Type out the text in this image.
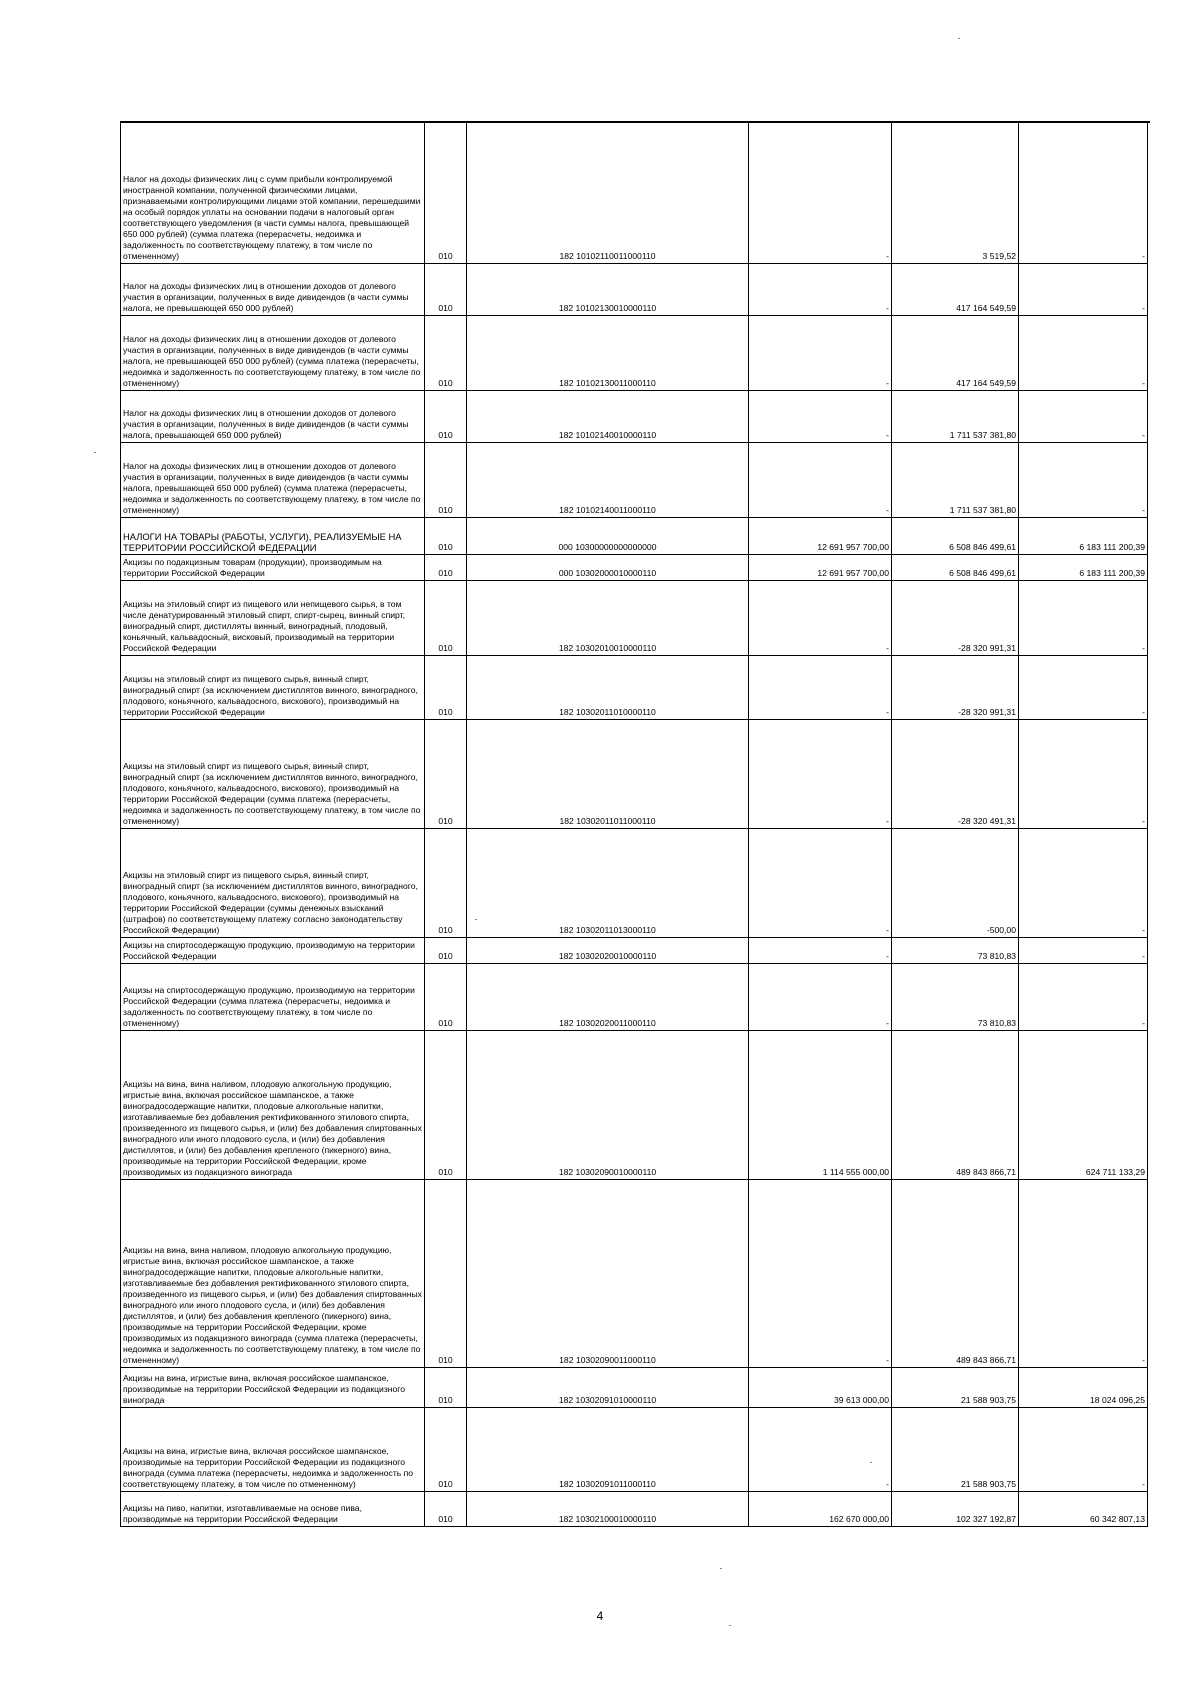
Налог на доходы физических лиц с сумм прибыли контролируемой иностранной компании, полученной физическими лицами, признаваемыми контролирующими лицами этой компании, перешедшими на особый порядок уплаты на основании подачи в налоговый орган соответствующего уведомления (в части суммы налога, превышающей 650 000 рублей) (сумма платежа (перерасчеты, недоимка и задолженность по соответствующему платежу, в том числе по отмененному)	010	182 10102110011000110	-	3 519,52	-
Налог на доходы физических лиц в отношении доходов от долевого участия в организации, полученных в виде дивидендов (в части суммы налога, не превышающей 650 000 рублей)	010	182 10102130010000110	-	417 164 549,59	-
Налог на доходы физических лиц в отношении доходов от долевого участия в организации, полученных в виде дивидендов (в части суммы налога, не превышающей 650 000 рублей) (сумма платежа (перерасчеты, недоимка и задолженность по соответствующему платежу, в том числе по отмененному)	010	182 10102130011000110	-	417 164 549,59	-
Налог на доходы физических лиц в отношении доходов от долевого участия в организации, полученных в виде дивидендов (в части суммы налога, превышающей 650 000 рублей)	010	182 10102140010000110	-	1 711 537 381,80	-
Налог на доходы физических лиц в отношении доходов от долевого участия в организации, полученных в виде дивидендов (в части суммы налога, превышающей 650 000 рублей) (сумма платежа (перерасчеты, недоимка и задолженность по соответствующему платежу, в том числе по отмененному)	010	182 10102140011000110	-	1 711 537 381,80	-
НАЛОГИ НА ТОВАРЫ (РАБОТЫ, УСЛУГИ), РЕАЛИЗУЕМЫЕ НА ТЕРРИТОРИИ РОССИЙСКОЙ ФЕДЕРАЦИИ	010	000 10300000000000000	12 691 957 700,00	6 508 846 499,61	6 183 111 200,39
Акцизы по подакцизным товарам (продукции), производимым на территории Российской Федерации	010	000 10302000010000110	12 691 957 700,00	6 508 846 499,61	6 183 111 200,39
Акцизы на этиловый спирт из пищевого или непищевого сырья, в том числе денатурированный этиловый спирт, спирт-сырец, винный спирт, виноградный спирт, дистилляты винный, виноградный, плодовый, коньячный, кальвадосный, висковый, производимый на территории Российской Федерации	010	182 10302010010000110	-	-28 320 991,31	-
Акцизы на этиловый спирт из пищевого сырья, винный спирт, виноградный спирт (за исключением дистиллятов винного, виноградного, плодового, коньячного, кальвадосного, вискового), производимый на территории Российской Федерации	010	182 10302011010000110	-	-28 320 991,31	-
Акцизы на этиловый спирт из пищевого сырья, винный спирт, виноградный спирт (за исключением дистиллятов винного, виноградного, плодового, коньячного, кальвадосного, вискового), производимый на территории Российской Федерации (сумма платежа (перерасчеты, недоимка и задолженность по соответствующему платежу, в том числе по отмененному)	010	182 10302011011000110	-	-28 320 491,31	-
Акцизы на этиловый спирт из пищевого сырья, винный спирт, виноградный спирт (за исключением дистиллятов винного, виноградного, плодового, коньячного, кальвадосного, вискового), производимый на территории Российской Федерации (суммы денежных взысканий (штрафов) по соответствующему платежу согласно законодательству Российской Федерации)	010	182 10302011013000110	-	-500,00	-
Акцизы на спиртосодержащую продукцию, производимую на территории Российской Федерации	010	182 10302020010000110	-	73 810,83	-
Акцизы на спиртосодержащую продукцию, производимую на территории Российской Федерации (сумма платежа (перерасчеты, недоимка и задолженность по соответствующему платежу, в том числе по отмененному)	010	182 10302020011000110	-	73 810,83	-
Акцизы на вина, вина наливом, плодовую алкогольную продукцию, игристые вина, включая российское шампанское, а также виноградосодержащие напитки, плодовые алкогольные напитки, изготавливаемые без добавления ректификованного этилового спирта, произведенного из пищевого сырья, и (или) без добавления спиртованных виноградного или иного плодового сусла, и (или) без добавления дистиллятов, и (или) без добавления крепленого (пикерного) вина, производимые на территории Российской Федерации, кроме производимых из подакцизного винограда	010	182 10302090010000110	1 114 555 000,00	489 843 866,71	624 711 133,29
Акцизы на вина, вина наливом, плодовую алкогольную продукцию, игристые вина, включая российское шампанское, а также виноградосодержащие напитки, плодовые алкогольные напитки, изготавливаемые без добавления ректификованного этилового спирта, произведенного из пищевого сырья, и (или) без добавления спиртованных виноградного или иного плодового сусла, и (или) без добавления дистиллятов, и (или) без добавления крепленого (пикерного) вина, производимые на территории Российской Федерации, кроме производимых из подакцизного винограда (сумма платежа (перерасчеты, недоимка и задолженность по соответствующему платежу, в том числе по отмененному)	010	182 10302090011000110	-	489 843 866,71	-
Акцизы на вина, игристые вина, включая российское шампанское, производимые на территории Российской Федерации из подакцизного винограда	010	182 10302091010000110	39 613 000,00	21 588 903,75	18 024 096,25
Акцизы на вина, игристые вина, включая российское шампанское, производимые на территории Российской Федерации из подакцизного винограда (сумма платежа (перерасчеты, недоимка и задолженность по соответствующему платежу, в том числе по отмененному)	010	182 10302091011000110	-	21 588 903,75	-
Акцизы на пиво, напитки, изготавливаемые на основе пива, производимые на территории Российской Федерации	010	182 10302100010000110	162 670 000,00	102 327 192,87	60 342 807,13
4
